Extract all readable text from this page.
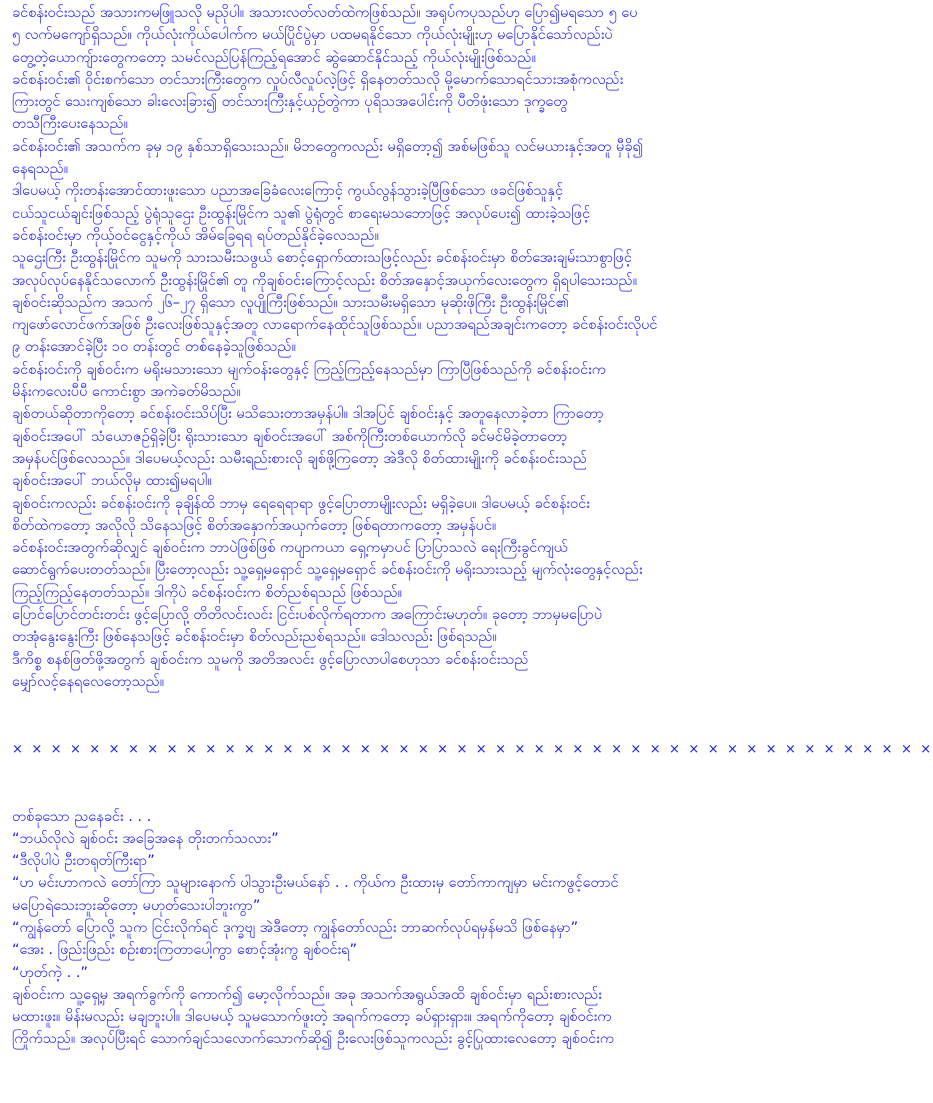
ခင်စန်းဝင်းသည် အသားကမဖြူသလို မညိုပါ။ အသားလတ်လတ်ထဲကဖြစ်သည်။ အရုပ်ကပုသည်ဟု ပြော၍မရသော ၅ ပေ
၅ လက်မကျော်ရှိသည်။ ကိုယ်လုံးကိုယ်ပေါက်က မယ်ပြိုင်ပွဲမှာ ပထမရနိုင်သော ကိုယ်လုံးမျိုးဟု မပြောနိုင်သော်လည်းပဲ
တွေ့တဲ့ယောကျ်ားတွေကတော့ သမင်လည်ပြန်ကြည့်ရအောင် ဆွဲဆောင်နိုင်သည့် ကိုယ်လုံးမျိုးဖြစ်သည်။
ခင်စန်းဝင်း၏ ဝိုင်းစက်သော တင်သားကြီးတွေက လှုပ်လီလှုပ်လဲ့ဖြင့် ရှိနေတတ်သလို မို့မောက်သောရင်သားအစုံကလည်း
ကြားတွင် သေးကျစ်သော ခါးလေးခြား၍ တင်သားကြီးနှင့်ယှဉ်တွဲကာ ပုရိသအပေါင်းကို ပီတိဖုံးသော ဒုက္ခတွေ
တသီကြီးပေးနေသည်။
ခင်စန်းဝင်း၏ အသက်က ခုမှ ၁၉ နှစ်သာရှိသေးသည်။ မိဘတွေကလည်း မရှိတော့၍ အစ်မဖြစ်သူ လင်မယားနှင့်အတူ မှီခို၍
နေရသည်။
ဒါပေမယ့် ကိုးတန်းအောင်ထားဖူးသော ပညာအခြေခံလေးကြောင့် ကွယ်လွန်သွားခဲ့ပြီဖြစ်သော ဖခင်ဖြစ်သူနှင့်
ငယ်သူငယ်ချင်းဖြစ်သည့် ပွဲရုံသူဌေး ဦးထွန်းမြိုင်က သူ၏ ပွဲရုံတွင် စာရေးမသဘောဖြင့် အလုပ်ပေး၍ ထားခဲ့သဖြင့်
ခင်စန်းဝင်းမှာ ကိုယ့်ဝင်ငွေနှင့်ကိုယ် အိမ်ခြေရရ ရပ်တည်နိုင်ခဲ့လေသည်။
သူဌေးကြီး ဦးထွန်းမြိုင်က သူမကို သားသမီးသဖွယ် စောင့်ရှောက်ထားသဖြင့်လည်း ခင်စန်းဝင်းမှာ စိတ်အေးချမ်းသာစွာဖြင့်
အလုပ်လုပ်နေနိုင်သလောက် ဦးထွန်းမြိုင်၏ တူ ကိုချစ်ဝင်းကြောင့်လည်း စိတ်အနှောင့်အယှက်လေးတွေက ရှိရပါသေးသည်။
ချစ်ဝင်းဆိုသည်က အသက် ၂၆–၂၇ ရှိသော လူပျိုကြီးဖြစ်သည်။ သားသမီးမရှိသော မုဆိုးဖိုကြီး ဦးထွန်းမြိုင်၏
ကျဖော်လောင်ဖက်အဖြစ် ဦးလေးဖြစ်သူနှင့်အတူ လာရောက်နေထိုင်သူဖြစ်သည်။ ပညာအရည်အချင်းကတော့ ခင်စန်းဝင်းလိုပင်
၉ တန်းအောင်ခဲ့ပြီး ၁၀ တန်းတွင် တစ်နေခဲ့သူဖြစ်သည်။
ခင်စန်းဝင်းကို ချစ်ဝင်းက မရိုးမသားသော မျက်ဝန်းတွေနှင့် ကြည့်ကြည့်နေသည်မှာ ကြာပြီဖြစ်သည်ကို ခင်စန်းဝင်းက
မိန်းကလေးပီပီ ကောင်းစွာ အကဲခတ်မိသည်။
ချစ်တယ်ဆိုတာကိုတော့ ခင်စန်းဝင်းသိပ်ပြီး မသိသေးတာအမှန်ပါ။ ဒါအပြင် ချစ်ဝင်းနှင့် အတူနေလာခဲ့တာ ကြာတော့
ချစ်ဝင်းအပေါ် သံယောဇဉ်ရှိခဲ့ပြီး ရိုးသားသော ချစ်ဝင်းအပေါ် အစ်ကိုကြီးတစ်ယောက်လို ခင်မင်မိခဲ့တာတော့
အမှန်ပင်ဖြစ်လေသည်။ ဒါပေမယ့်လည်း သမီးရည်းစားလို ချစ်ဖို့ကြတော့ အဲဒီလို စိတ်ထားမျိုးကို ခင်စန်းဝင်းသည်
ချစ်ဝင်းအပေါ် ဘယ်လိုမှ ထား၍မရပါ။
ချစ်ဝင်းကလည်း ခင်စန်းဝင်းကို ခုချိန်ထိ ဘာမှ ရေရေရာရာ ဖွင့်ပြောတာမျိုးလည်း မရှိခဲ့ပေ။ ဒါပေမယ့် ခင်စန်းဝင်း
စိတ်ထဲကတော့ အလိုလို သိနေသဖြင့် စိတ်အနှောက်အယှက်တော့ ဖြစ်ရတာကတော့ အမှန်ပင်။
ခင်စန်းဝင်းအတွက်ဆိုလျှင် ချစ်ဝင်းက ဘာပဲဖြစ်ဖြစ် ကပျာကယာ ရှေ့ကမှာပင် ပြာပြာသလဲ ရေးကြီးခွင်ကျယ်
ဆောင်ရွက်ပေးတတ်သည်။ ပြီးတော့လည်း သူ့ရှေ့မရှောင် သူ့ရှေ့မရှောင် ခင်စန်းဝင်းကို မရိုးသားသည့် မျက်လုံးတွေနှင့်လည်း
ကြည့်ကြည့်နေတတ်သည်။ ဒါကိုပဲ ခင်စန်းဝင်းက စိတ်ညစ်ရသည် ဖြစ်သည်။
ပြောင်ပြောင်တင်းတင်း ဖွင့်ပြောလို့ တိတိလင်းလင်း ငြင်းပစ်လိုက်ရတာက အကြောင်းမဟုတ်။ ခုတော့ ဘာမှမပြောပဲ
တအုံနွေးနွေးကြီး ဖြစ်နေသဖြင့် ခင်စန်းဝင်းမှာ စိတ်လည်းညစ်ရသည်။ ဒေါသလည်း ဖြစ်ရသည်။
ဒီကိစ္စ စနစ်ဖြတ်ဖို့အတွက် ချစ်ဝင်းက သူမကို အတိအလင်း ဖွင့်ပြောလာပါစေဟုသာ ခင်စန်းဝင်းသည်
မျှော်လင့်နေရလေတော့သည်။
× × × × × × × × × × × × × × × × × × × × × × × × × × × × × × × × × × × × × × × × × × × × × × × ×
တစ်ခုသော ညနေခင်း . . .
“ဘယ်လိုလဲ ချစ်ဝင်း အခြေအနေ တိုးတက်သလား”
“ဒီလိုပါပဲ ဦးတရုတ်ကြီးရာ”
“ဟ မင်းဟာကလဲ တော်ကြာ သူများနောက် ပါသွားဦးမယ်နော် . . ကိုယ်က ဦးထားမှ တော်ကာကျမှာ မင်းကဖွင့်တောင်
မပြောရဲသေးဘူးဆိုတော့ မဟုတ်သေးပါဘူးကွာ”
“ကျွန်တော် ပြောလို့ သူက ငြင်းလိုက်ရင် ဒုက္ခဗျ အဲဒီတော့ ကျွန်တော်လည်း ဘာဆက်လုပ်ရမှန်မသိ ဖြစ်နေမှာ”
“အေး . ဖြည်းဖြည်း စဉ်းစားကြတာပေါ့ကွာ စောင့်အုံးကွ ချစ်ဝင်းရ”
“ဟုတ်ကဲ့ . .”
ချစ်ဝင်းက သူ့ရှေ့မှ အရက်ခွက်ကို ကောက်၍ မော့လိုက်သည်။ အခု အသက်အရွယ်အထိ ချစ်ဝင်းမှာ ရည်းစားလည်း
မထားဖူး။ မိန်းမလည်း မချဘူးပါ။ ဒါပေမယ့် သူမသောက်ဖူးတဲ့ အရက်ကတော့ ခပ်ရှားရှား။ အရက်ကိုတော့ ချစ်ဝင်းက
ကြိုက်သည်။ အလုပ်ပြီးရင် သောက်ချင်သလောက်သောက်ဆို၍ ဦးလေးဖြစ်သူကလည်း ခွင့်ပြုထားလေတော့ ချစ်ဝင်းက
